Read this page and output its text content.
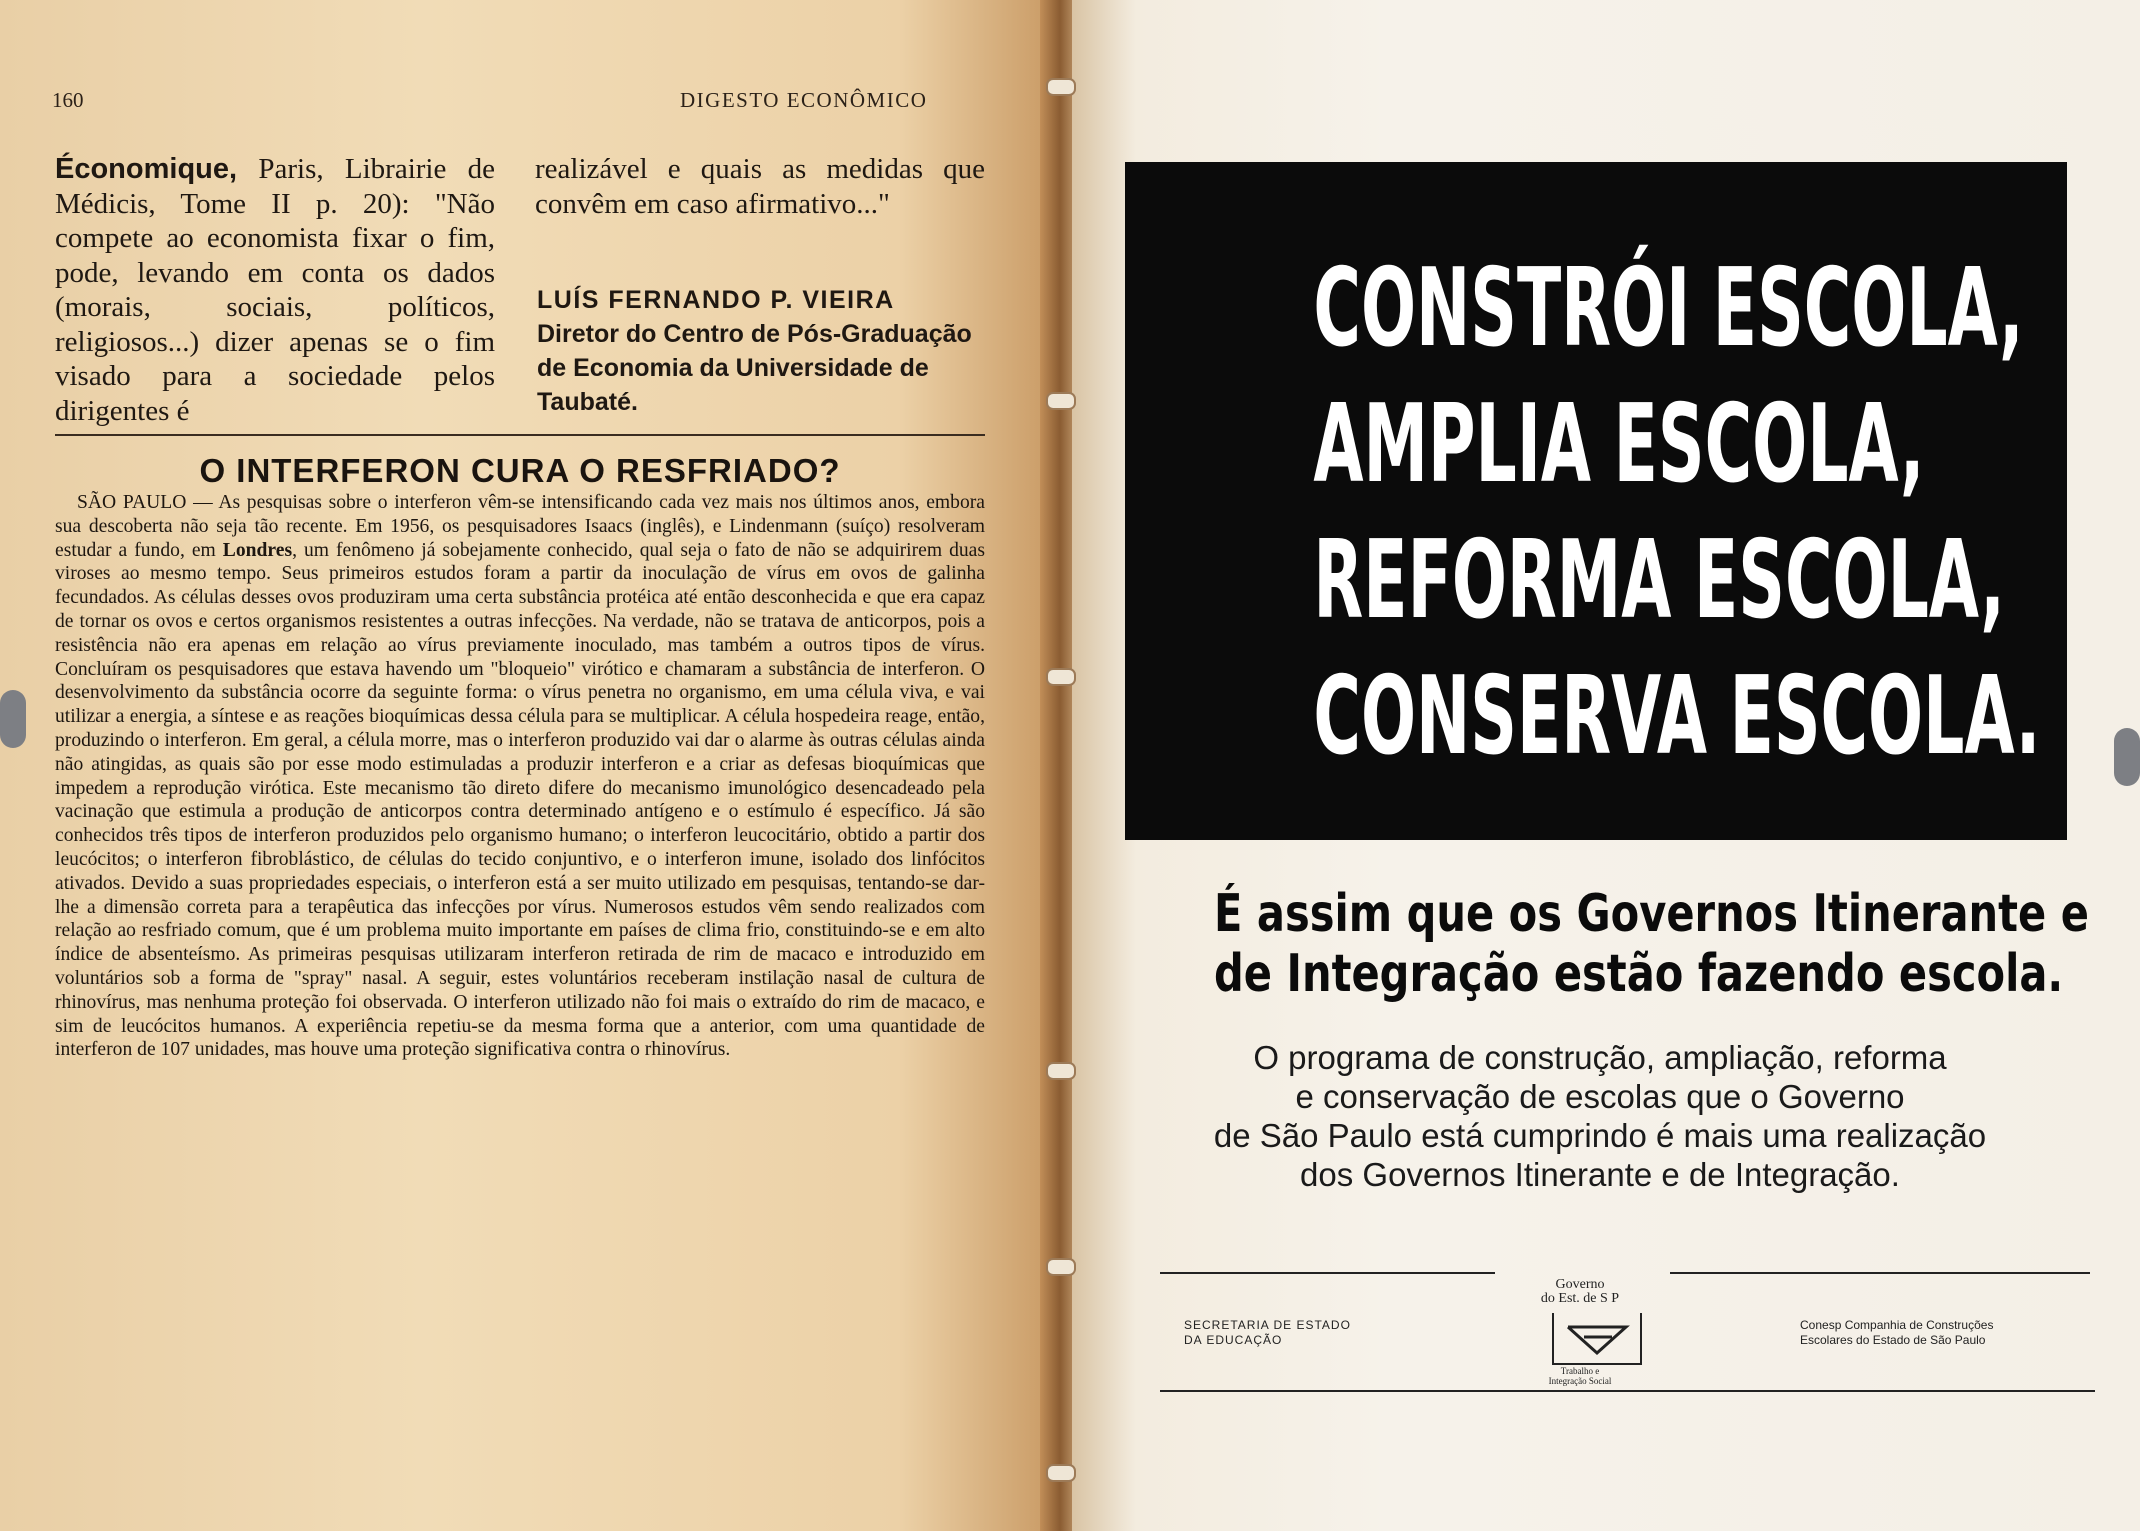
160	DIGESTO ECONÔMICO
Économique, Paris, Librairie de Médicis, Tome II p. 20): "Não compete ao economista fixar o fim, pode, levando em conta os dados (morais, sociais, políticos, religiosos...) dizer apenas se o fim visado para a sociedade pelos dirigentes é
realizável e quais as medidas que convêm em caso afirmativo..."
LUÍS FERNANDO P. VIEIRA
Diretor do Centro de Pós-Graduação de Economia da Universidade de Taubaté.
O INTERFERON CURA O RESFRIADO?
SÃO PAULO — As pesquisas sobre o interferon vêm-se intensificando cada vez mais nos últimos anos, embora sua descoberta não seja tão recente. Em 1956, os pesquisadores Isaacs (inglês), e Lindenmann (suíço) resolveram estudar a fundo, em Londres, um fenômeno já sobejamente conhecido, qual seja o fato de não se adquirirem duas viroses ao mesmo tempo. Seus primeiros estudos foram a partir da inoculação de vírus em ovos de galinha fecundados. As células desses ovos produziram uma certa substância protéica até então desconhecida e que era capaz de tornar os ovos e certos organismos resistentes a outras infecções. Na verdade, não se tratava de anticorpos, pois a resistência não era apenas em relação ao vírus previamente inoculado, mas também a outros tipos de vírus. Concluíram os pesquisadores que estava havendo um "bloqueio" virótico e chamaram a substância de interferon. O desenvolvimento da substância ocorre da seguinte forma: o vírus penetra no organismo, em uma célula viva, e vai utilizar a energia, a síntese e as reações bioquímicas dessa célula para se multiplicar. A célula hospedeira reage, então, produzindo o interferon. Em geral, a célula morre, mas o interferon produzido vai dar o alarme às outras células ainda não atingidas, as quais são por esse modo estimuladas a produzir interferon e a criar as defesas bioquímicas que impedem a reprodução virótica. Este mecanismo tão direto difere do mecanismo imunológico desencadeado pela vacinação que estimula a produção de anticorpos contra determinado antígeno e o estímulo é específico. Já são conhecidos três tipos de interferon produzidos pelo organismo humano; o interferon leucocitário, obtido a partir dos leucócitos; o interferon fibroblástico, de células do tecido conjuntivo, e o interferon imune, isolado dos linfócitos ativados. Devido a suas propriedades especiais, o interferon está a ser muito utilizado em pesquisas, tentando-se dar-lhe a dimensão correta para a terapêutica das infecções por vírus. Numerosos estudos vêm sendo realizados com relação ao resfriado comum, que é um problema muito importante em países de clima frio, constituindo-se e em alto índice de absenteísmo. As primeiras pesquisas utilizaram interferon retirada de rim de macaco e introduzido em voluntários sob a forma de "spray" nasal. A seguir, estes voluntários receberam instilação nasal de cultura de rhinovírus, mas nenhuma proteção foi observada. O interferon utilizado não foi mais o extraído do rim de macaco, e sim de leucócitos humanos. A experiência repetiu-se da mesma forma que a anterior, com uma quantidade de interferon de 107 unidades, mas houve uma proteção significativa contra o rhinovírus.
CONSTRÓI ESCOLA,
AMPLIA ESCOLA,
REFORMA ESCOLA,
CONSERVA ESCOLA.
É assim que os Governos Itinerante e
de Integração estão fazendo escola.
O programa de construção, ampliação, reforma
e conservação de escolas que o Governo
de São Paulo está cumprindo é mais uma realização
dos Governos Itinerante e de Integração.
SECRETARIA DE ESTADO
DA EDUCAÇÃO
Governo
do Est. de S P
Trabalho e
Integração Social
Conesp Companhia de Construções
Escolares do Estado de São Paulo
